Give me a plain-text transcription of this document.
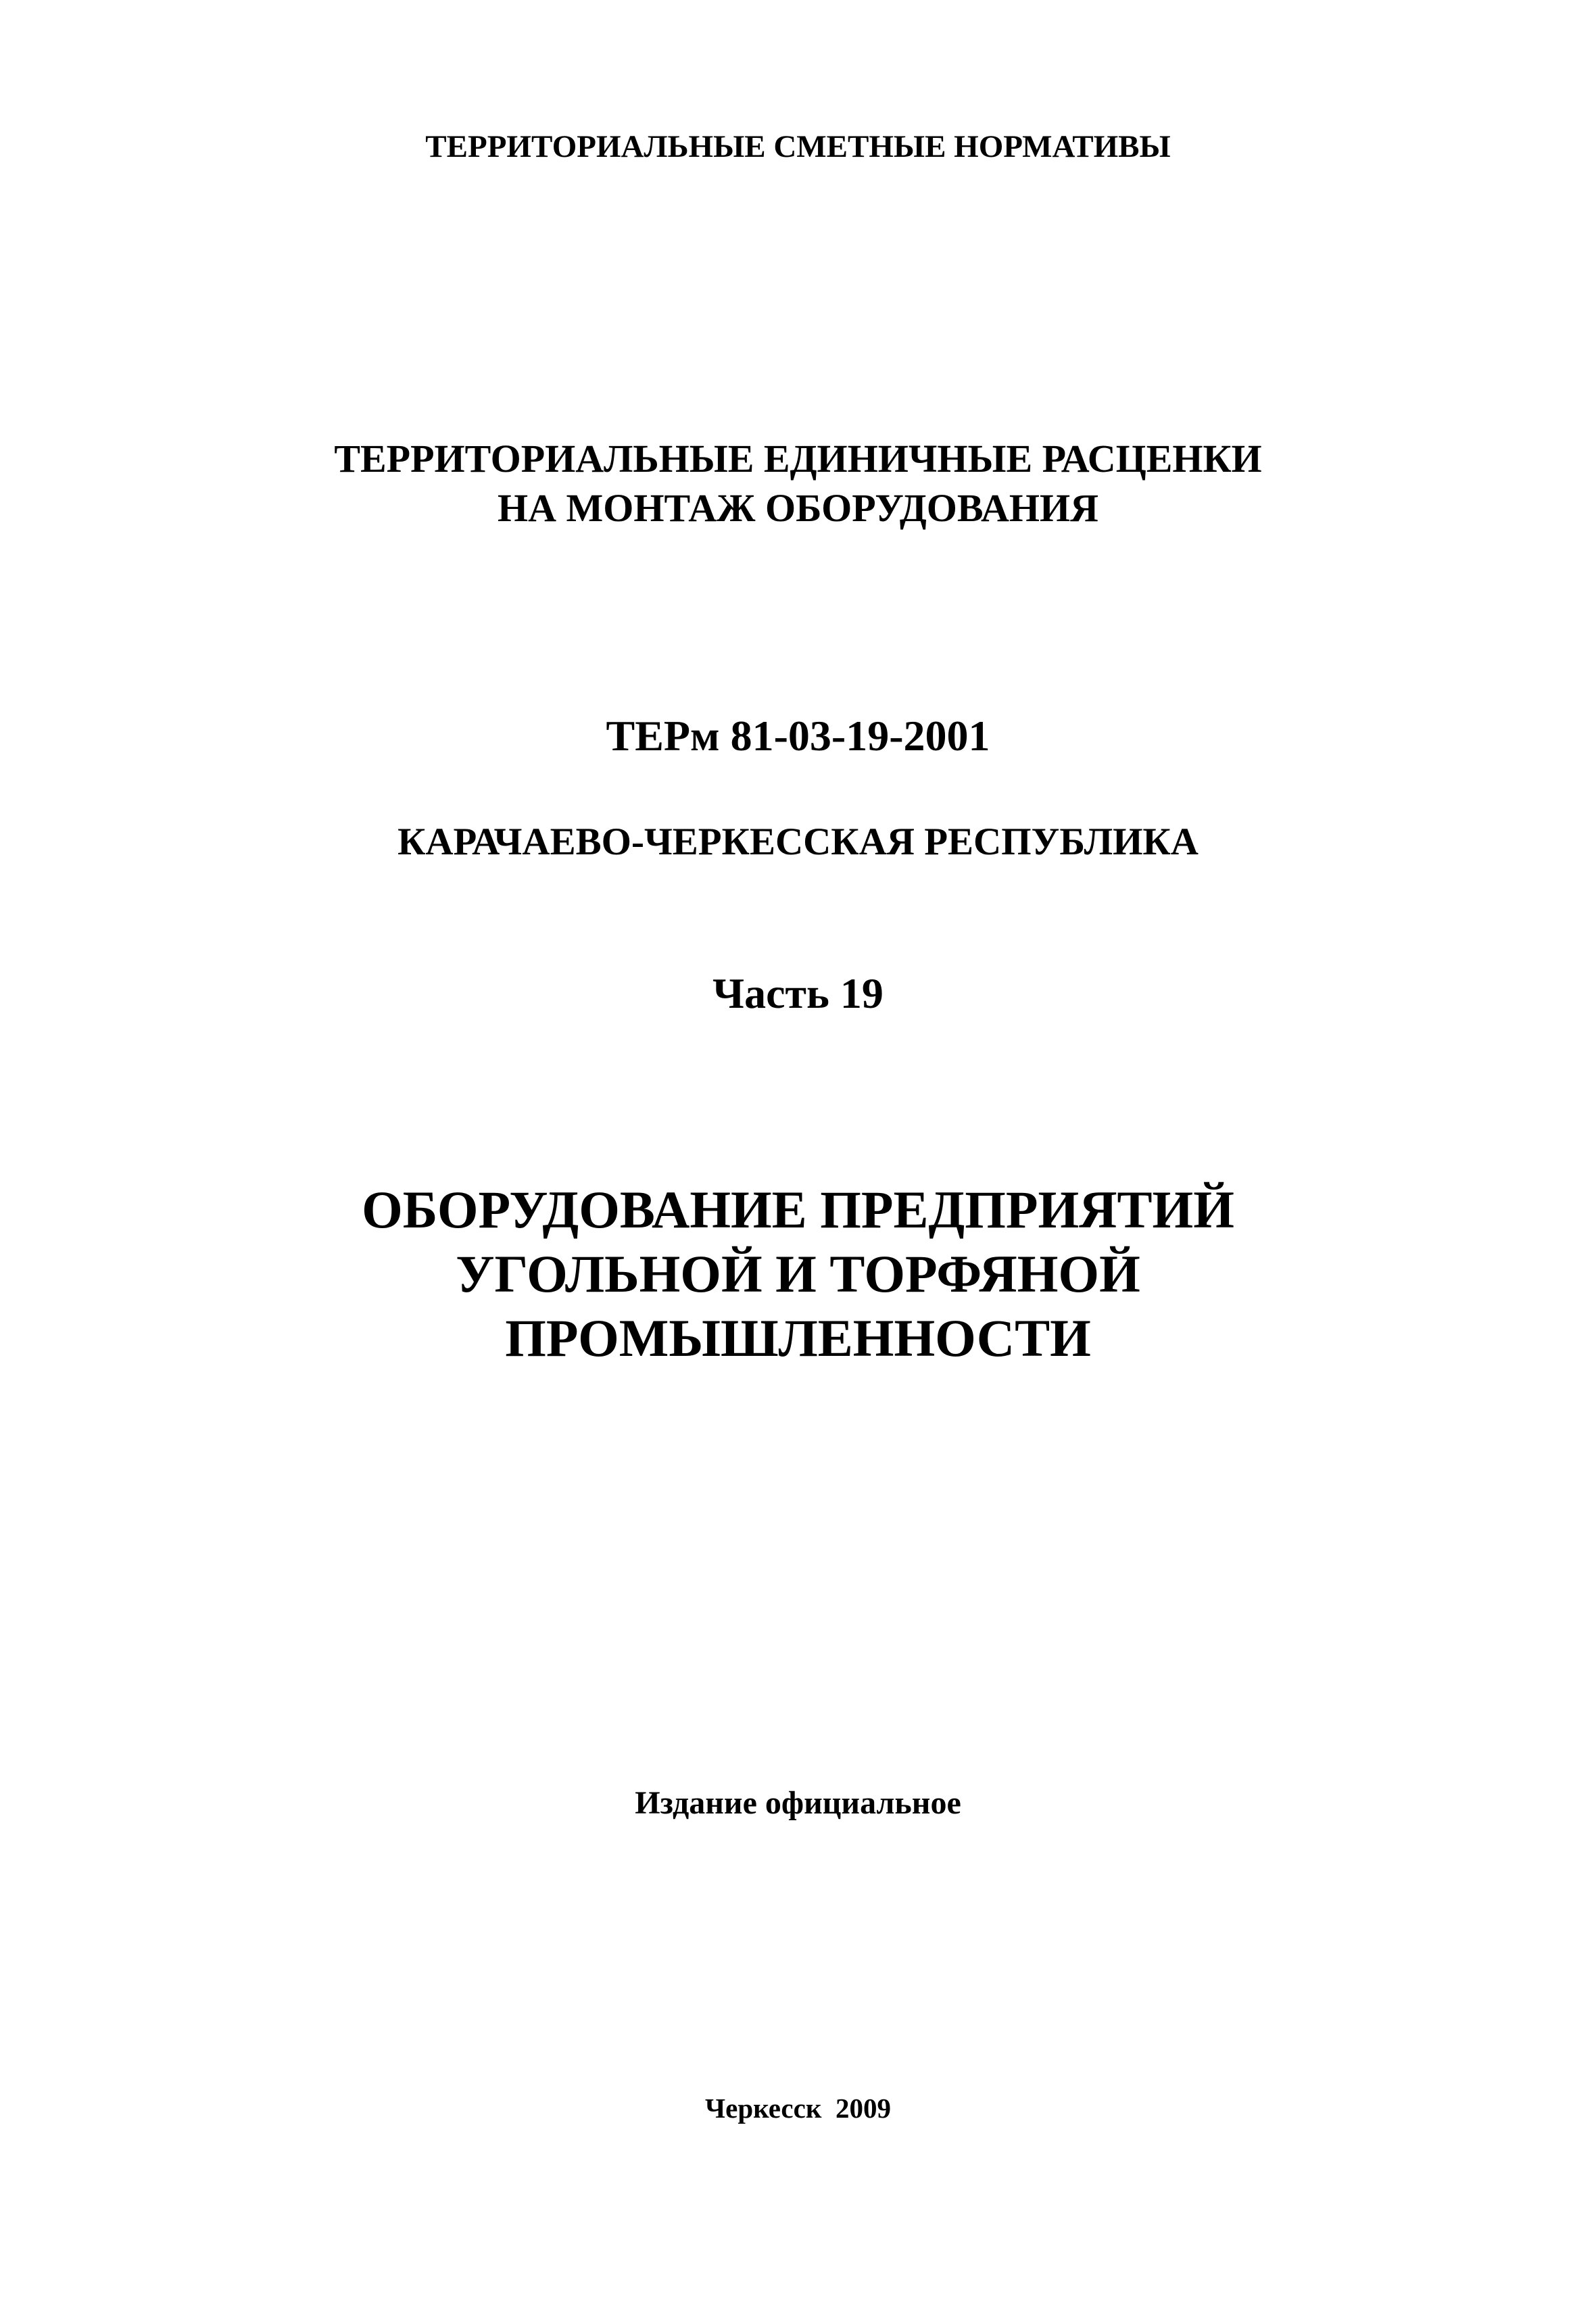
ТЕРРИТОРИАЛЬНЫЕ СМЕТНЫЕ НОРМАТИВЫ
ТЕРРИТОРИАЛЬНЫЕ ЕДИНИЧНЫЕ РАСЦЕНКИ
НА МОНТАЖ ОБОРУДОВАНИЯ
ТЕРм 81-03-19-2001
КАРАЧАЕВО-ЧЕРКЕССКАЯ РЕСПУБЛИКА
Часть 19
ОБОРУДОВАНИЕ ПРЕДПРИЯТИЙ
УГОЛЬНОЙ И ТОРФЯНОЙ
ПРОМЫШЛЕННОСТИ
Издание официальное
Черкесск  2009
